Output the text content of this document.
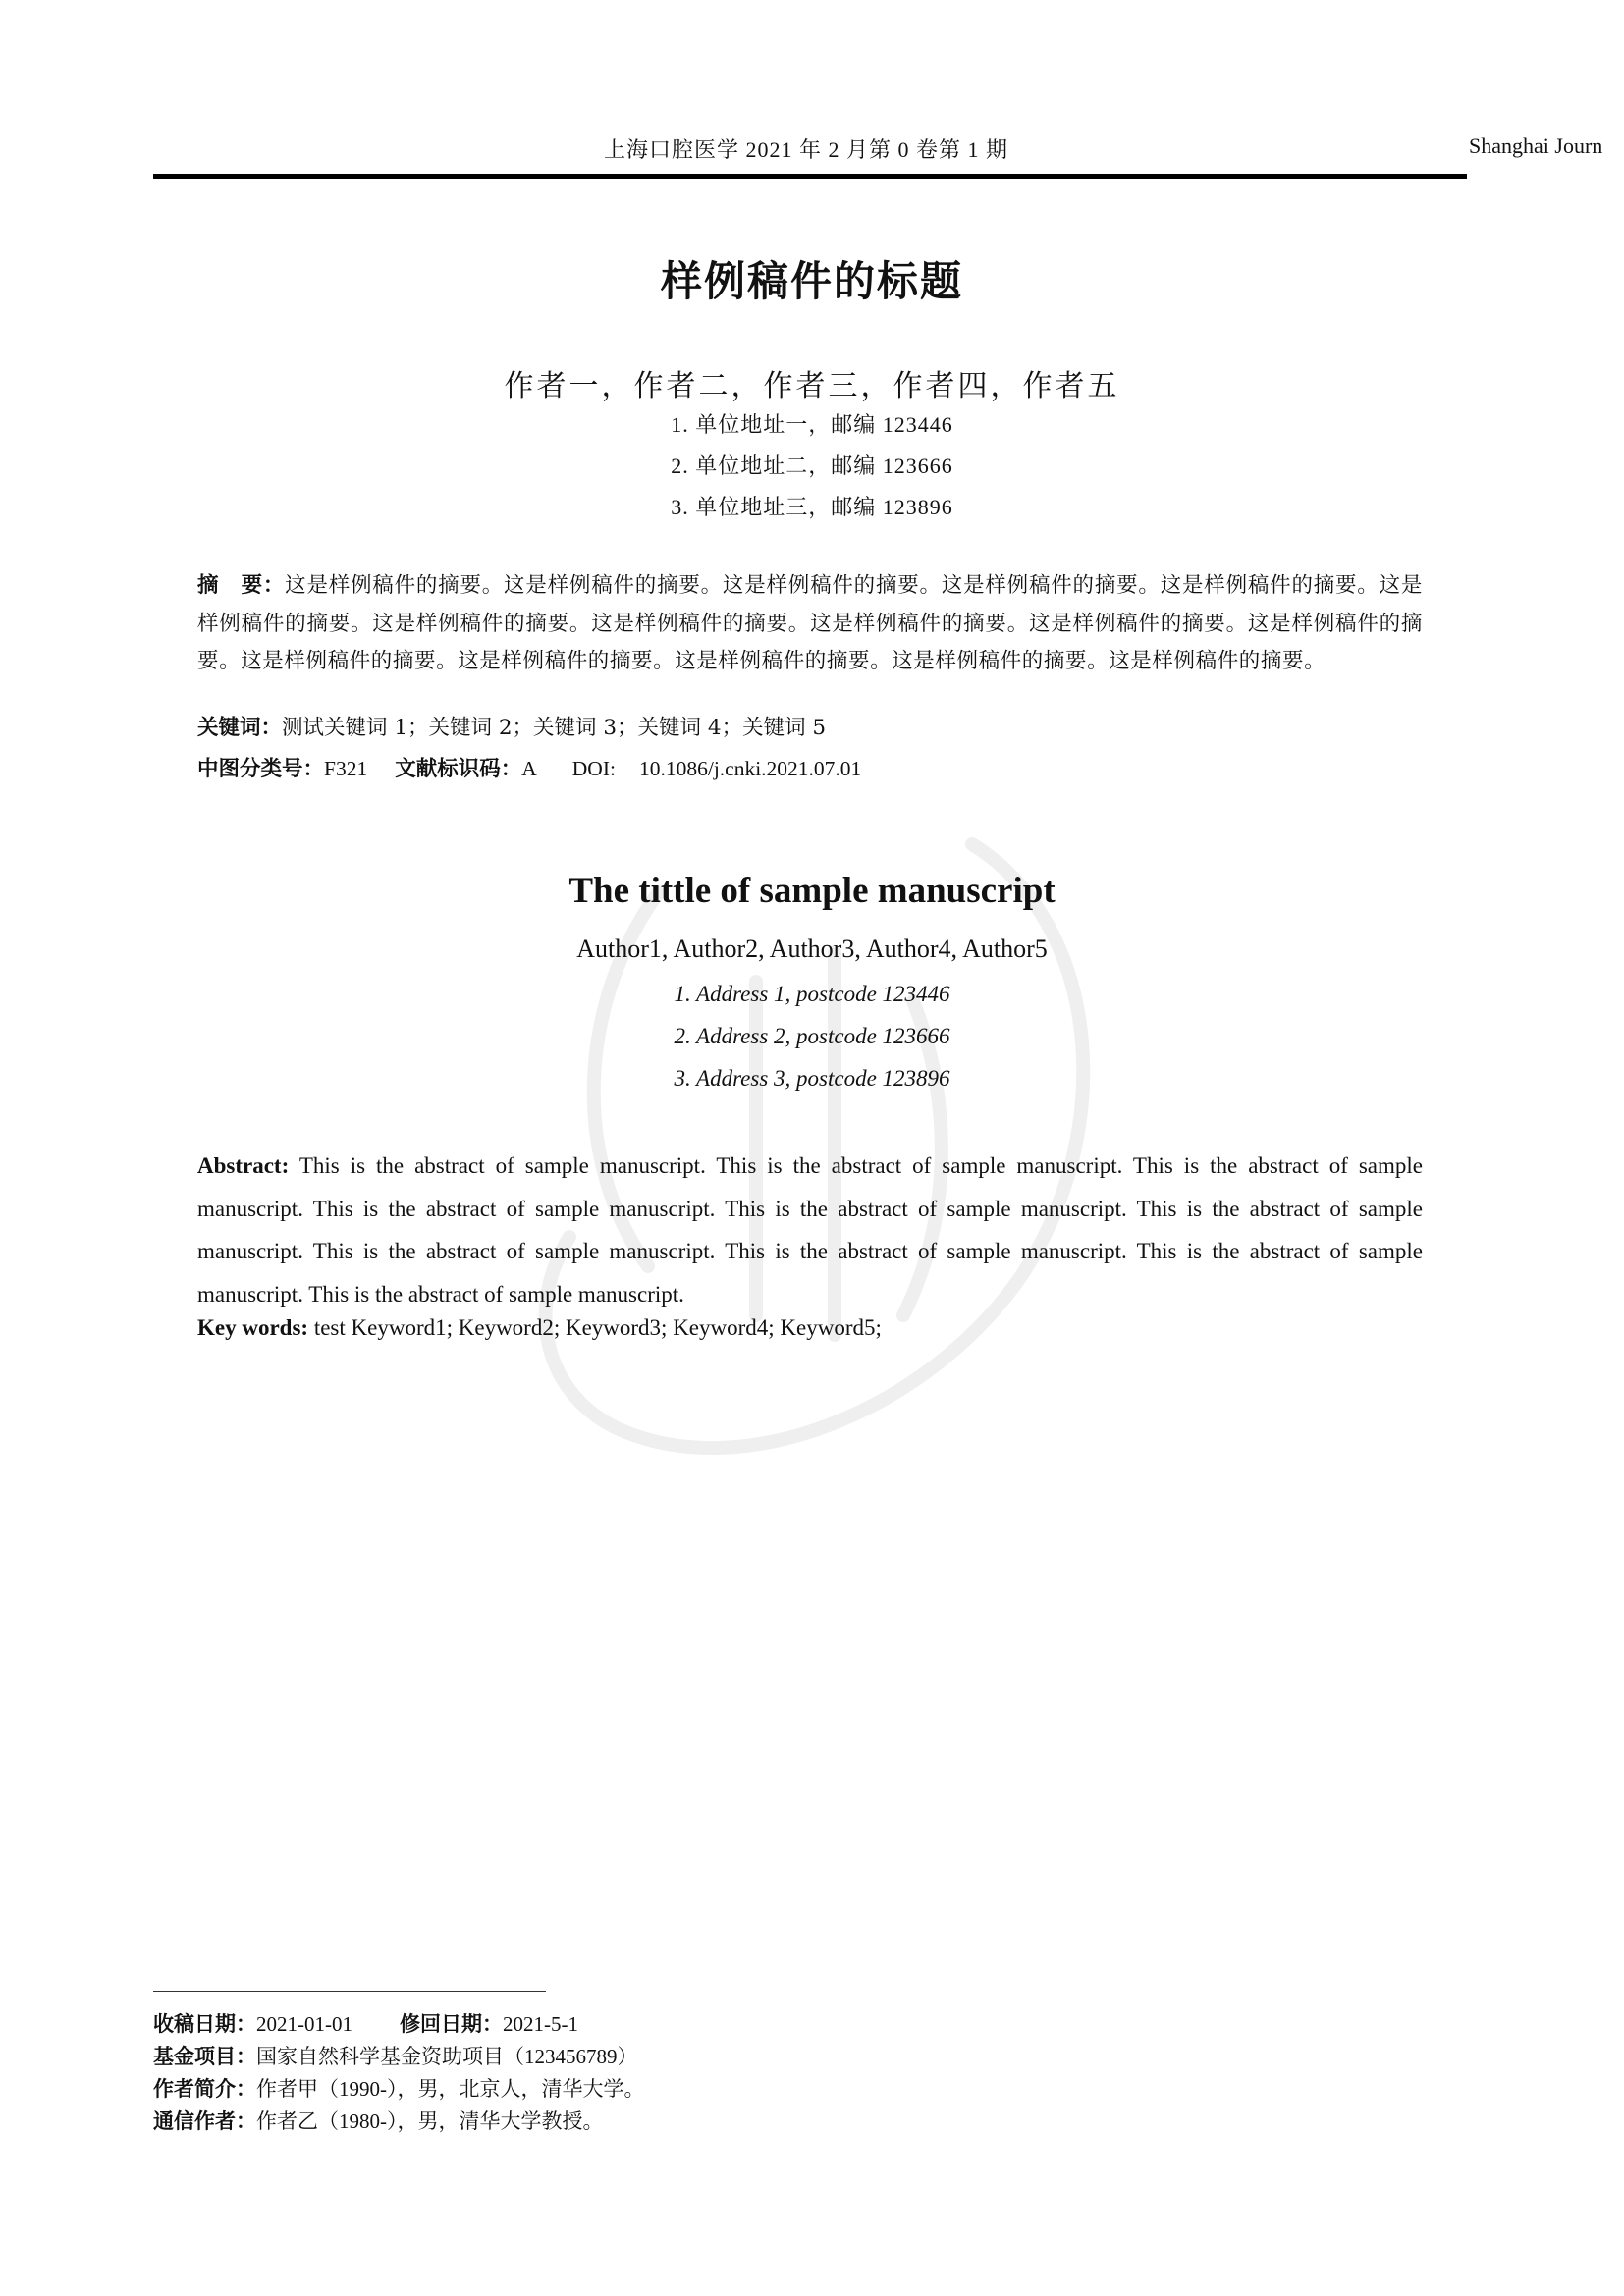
上海口腔医学 2021 年 2 月第 0 卷第 1 期	Shanghai Journ
样例稿件的标题
作者一，作者二，作者三，作者四，作者五
1. 单位地址一，邮编 123446
2. 单位地址二，邮编 123666
3. 单位地址三，邮编 123896
摘　要：这是样例稿件的摘要。这是样例稿件的摘要。这是样例稿件的摘要。这是样例稿件的摘要。这是样例稿件的摘要。这是样例稿件的摘要。这是样例稿件的摘要。这是样例稿件的摘要。这是样例稿件的摘要。这是样例稿件的摘要。这是样例稿件的摘要。这是样例稿件的摘要。这是样例稿件的摘要。这是样例稿件的摘要。这是样例稿件的摘要。这是样例稿件的摘要。
关键词：测试关键词 1；关键词 2；关键词 3；关键词 4；关键词 5
中图分类号：F321 文献标识码：A DOI: 10.1086/j.cnki.2021.07.01
The tittle of sample manuscript
Author1, Author2, Author3, Author4, Author5
1. Address 1, postcode 123446
2. Address 2, postcode 123666
3. Address 3, postcode 123896
Abstract: This is the abstract of sample manuscript. This is the abstract of sample manuscript. This is the abstract of sample manuscript. This is the abstract of sample manuscript. This is the abstract of sample manuscript. This is the abstract of sample manuscript. This is the abstract of sample manuscript. This is the abstract of sample manuscript. This is the abstract of sample manuscript. This is the abstract of sample manuscript.
Key words: test Keyword1; Keyword2; Keyword3; Keyword4; Keyword5;
收稿日期：2021-01-01 修回日期：2021-5-1
基金项目：国家自然科学基金资助项目（123456789）
作者简介：作者甲（1990-），男，北京人，清华大学。
通信作者：作者乙（1980-），男，清华大学教授。
